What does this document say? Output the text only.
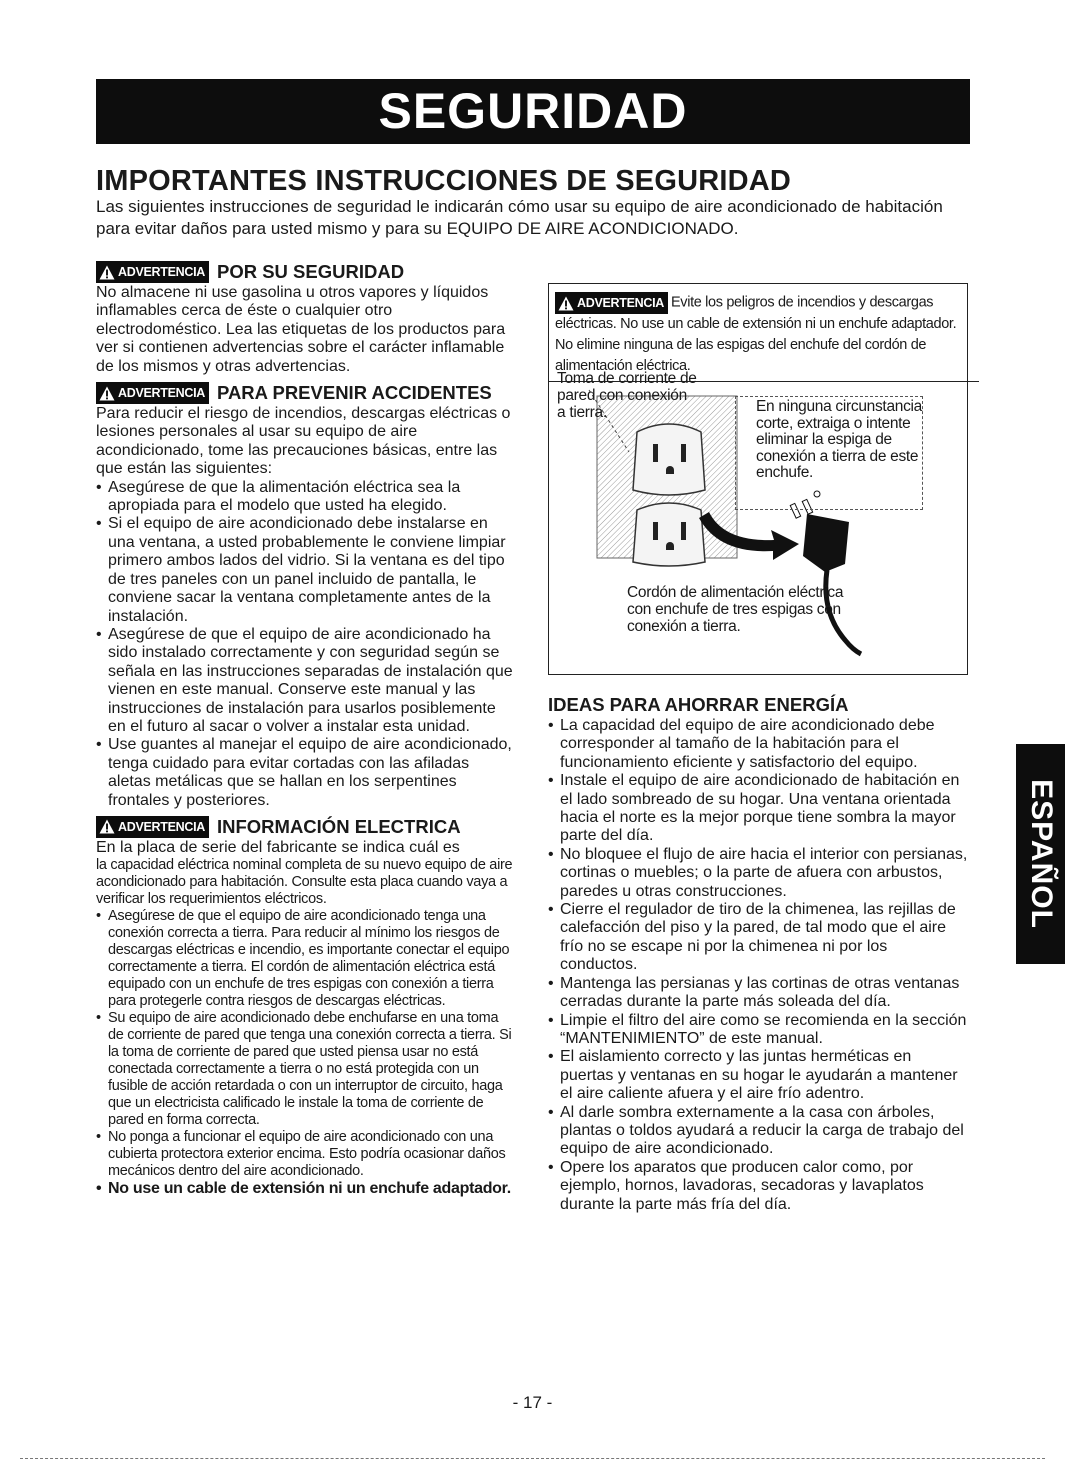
SEGURIDAD
IMPORTANTES INSTRUCCIONES DE SEGURIDAD

Las siguientes instrucciones de seguridad le indicarán cómo usar su equipo de aire acondicionado de habitación para evitar daños para usted mismo y para su EQUIPO DE AIRE ACONDICIONADO.

ADVERTENCIA POR SU SEGURIDAD

No almacene ni use gasolina u otros vapores y líquidos inflamables cerca de éste o cualquier otro electrodoméstico. Lea las etiquetas de los productos para ver si contienen advertencias sobre el carácter inflamable de los mismos y otras advertencias.

ADVERTENCIA PARA PREVENIR ACCIDENTES

Para reducir el riesgo de incendios, descargas eléctricas o lesiones personales al usar su equipo de aire acondicionado, tome las precauciones básicas, entre las que están las siguientes:

• Asegúrese de que la alimentación eléctrica sea la apropiada para el modelo que usted ha elegido.
• Si el equipo de aire acondicionado debe instalarse en una ventana, a usted probablemente le conviene limpiar primero ambos lados del vidrio. Si la ventana es del tipo de tres paneles con un panel incluido de pantalla, le conviene sacar la ventana completamente antes de la instalación.
• Asegúrese de que el equipo de aire acondicionado ha sido instalado correctamente y con seguridad según se señala en las instrucciones separadas de instalación que vienen en este manual. Conserve este manual y las instrucciones de instalación para usarlos posiblemente en el futuro al sacar o volver a instalar esta unidad.
• Use guantes al manejar el equipo de aire acondicionado, tenga cuidado para evitar cortadas con las afiladas aletas metálicas que se hallan en los serpentines frontales y posteriores.
ADVERTENCIA INFORMACIÓN ELECTRICA

En la placa de serie del fabricante se indica cuál es

la capacidad eléctrica nominal completa de su nuevo equipo de aire acondicionado para habitación. Consulte esta placa cuando vaya a verificar los requerimientos eléctricos.

• Asegúrese de que el equipo de aire acondicionado tenga una conexión correcta a tierra. Para reducir al mínimo los riesgos de descargas eléctricas e incendio, es importante conectar el equipo correctamente a tierra. El cordón de alimentación eléctrica está equipado con un enchufe de tres espigas con conexión a tierra para protegerle contra riesgos de descargas eléctricas.
• Su equipo de aire acondicionado debe enchufarse en una toma de corriente de pared que tenga una conexión correcta a tierra. Si la toma de corriente de pared que usted piensa usar no está conectada correctamente a tierra o no está protegida con un fusible de acción retardada o con un interruptor de circuito, haga que un electricista calificado le instale la toma de corriente de pared en forma correcta.
• No ponga a funcionar el equipo de aire acondicionado con una cubierta protectora exterior encima. Esto podría ocasionar daños mecánicos dentro del aire acondicionado.
• No use un cable de extensión ni un enchufe adaptador.

ADVERTENCIA Evite los peligros de incendios y descargas eléctricas. No use un cable de extensión ni un enchufe adaptador. No elimine ninguna de las espigas del enchufe del cordón de alimentación eléctrica.

Toma de corriente de pared con conexión a tierra.	En ninguna circunstancia corte, extraiga o intente eliminar la espiga de conexión a tierra de este enchufe.
Cordón de alimentación eléctrica con enchufe de tres espigas con conexión a tierra.
IDEAS PARA AHORRAR ENERGÍA
• La capacidad del equipo de aire acondicionado debe corresponder al tamaño de la habitación para el funcionamiento eficiente y satisfactorio del equipo.
• Instale el equipo de aire acondicionado de habitación en el lado sombreado de su hogar. Una ventana orientada hacia el norte es la mejor porque tiene sombra la mayor parte del día.
• No bloquee el flujo de aire hacia el interior con persianas, cortinas o muebles; o la parte de afuera con arbustos, paredes u otras construcciones.
• Cierre el regulador de tiro de la chimenea, las rejillas de calefacción del piso y la pared, de tal modo que el aire frío no se escape ni por la chimenea ni por los conductos.
• Mantenga las persianas y las cortinas de otras ventanas cerradas durante la parte más soleada del día.
• Limpie el filtro del aire como se recomienda en la sección “MANTENIMIENTO” de este manual.
• El aislamiento correcto y las juntas herméticas en puertas y ventanas en su hogar le ayudarán a mantener el aire caliente afuera y el aire frío adentro.
• Al darle sombra externamente a la casa con árboles, plantas o toldos ayudará a reducir la carga de trabajo del equipo de aire acondicionado.
• Opere los aparatos que producen calor como, por ejemplo, hornos, lavadoras, secadoras y lavaplatos durante la parte más fría del día.
ESPAÑOL
- 17 -
